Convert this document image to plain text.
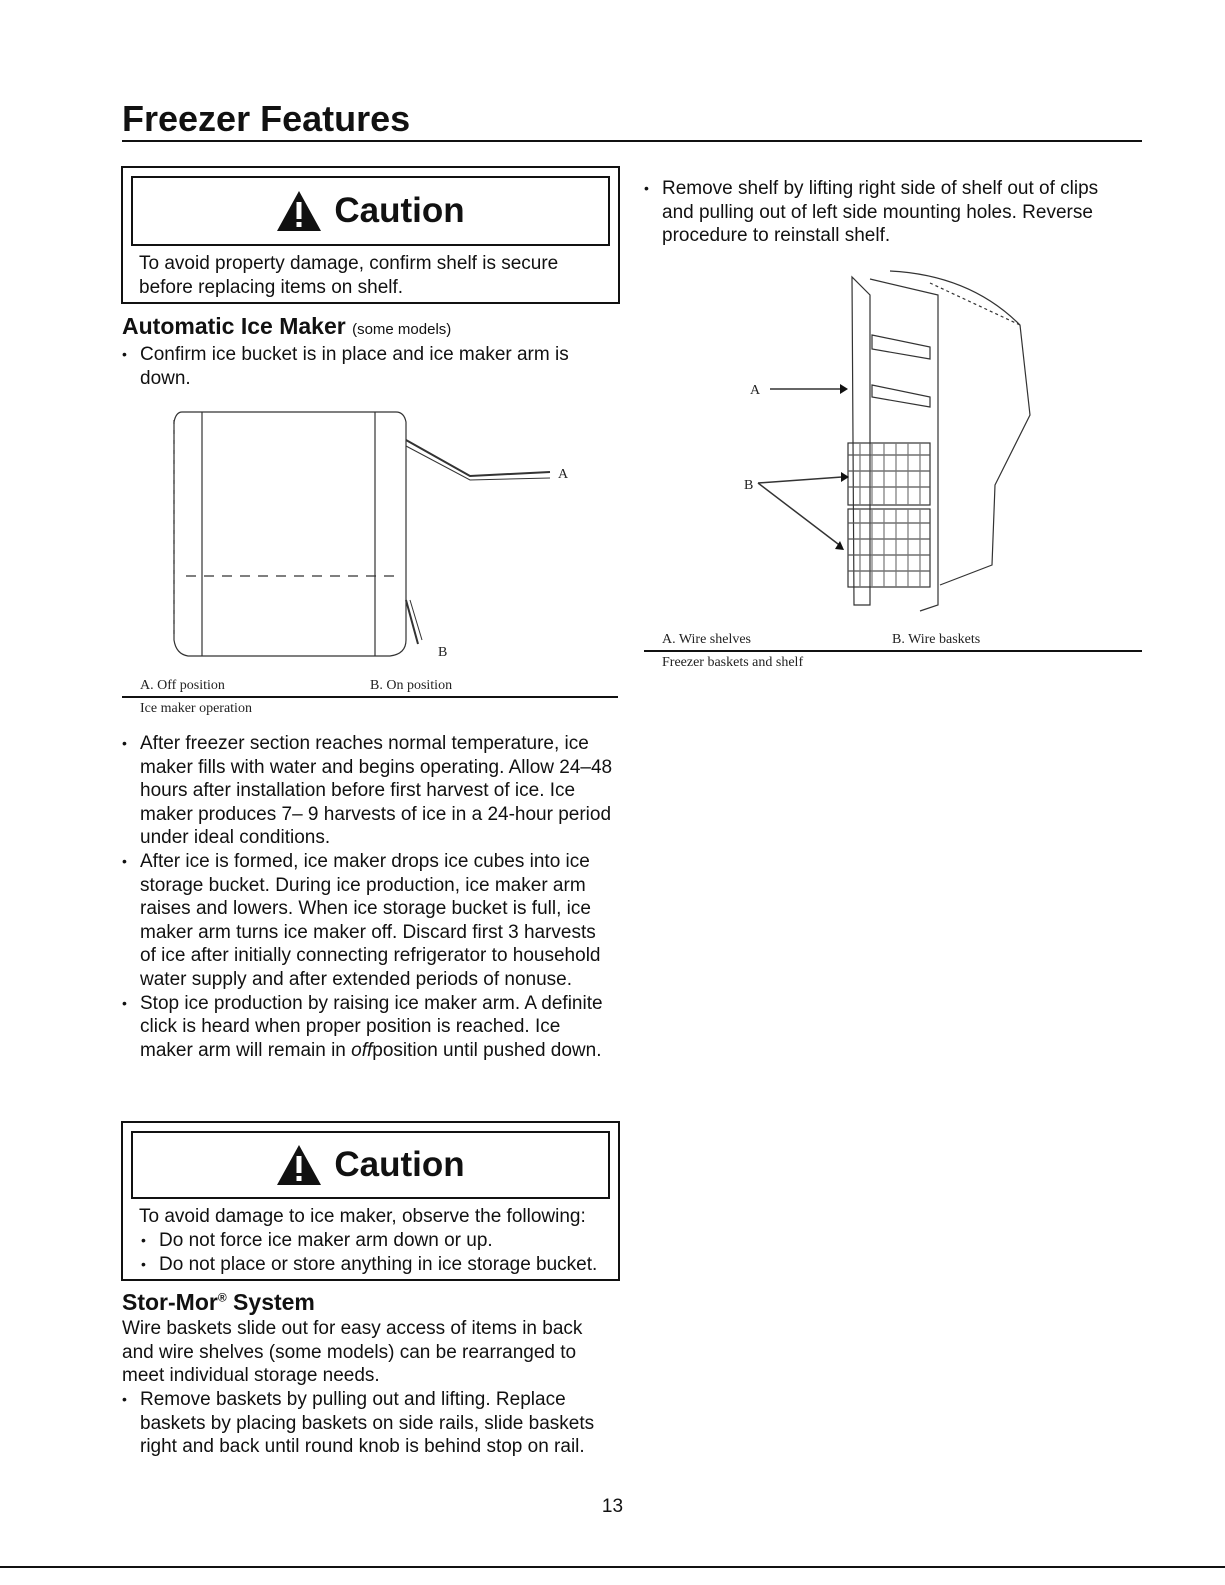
Freezer Features
Caution
To avoid property damage, confirm shelf is secure before replacing items on shelf.
Automatic Ice Maker (some models)
• Confirm ice bucket is in place and ice maker arm is down.
A
B
A. Off position	B. On position
Ice maker operation
• After freezer section reaches normal temperature, ice maker fills with water and begins operating. Allow 24–48 hours after installation before first harvest of ice. Ice maker produces 7– 9 harvests of ice in a 24-hour period under ideal conditions.
• After ice is formed, ice maker drops ice cubes into ice storage bucket. During ice production, ice maker arm raises and lowers. When ice storage bucket is full, ice maker arm turns ice maker off. Discard first 3 harvests of ice after initially connecting refrigerator to household water supply and after extended periods of nonuse.
• Stop ice production by raising ice maker arm. A definite click is heard when proper position is reached. Ice maker arm will remain in offposition until pushed down.
Caution
To avoid damage to ice maker, observe the following:
• Do not force ice maker arm down or up.
• Do not place or store anything in ice storage bucket.
Stor-Mor® System
Wire baskets slide out for easy access of items in back and wire shelves (some models) can be rearranged to meet individual storage needs.
• Remove baskets by pulling out and lifting. Replace baskets by placing baskets on side rails, slide baskets right and back until round knob is behind stop on rail.
• Remove shelf by lifting right side of shelf out of clips and pulling out of left side mounting holes. Reverse procedure to reinstall shelf.
A
B
A. Wire shelves	B. Wire baskets
Freezer baskets and shelf
13
